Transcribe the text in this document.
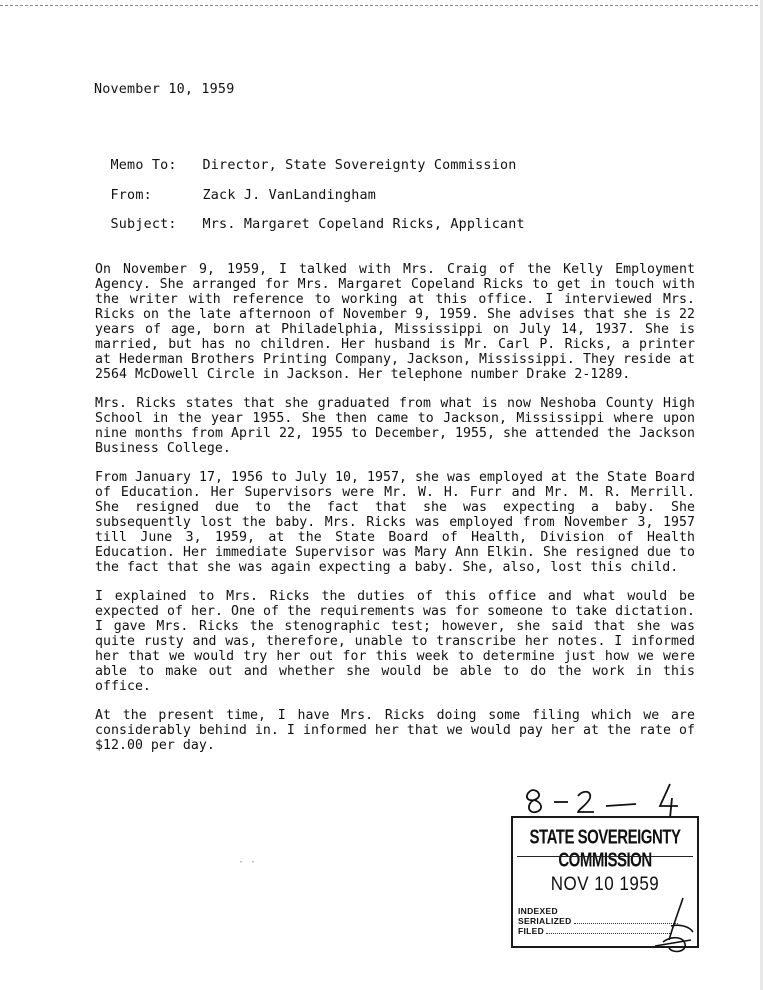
November 10, 1959

Memo To: Director, State Sovereignty Commission

From:	Zack J. VanLandingham

Subject: Mrs. Margaret Copeland Ricks, Applicant

On November 9, 1959, I talked with Mrs. Craig of the Kelly Employment Agency. She arranged for Mrs. Margaret Copeland Ricks to get in touch with the writer with reference to working at this office. I interviewed Mrs. Ricks on the late afternoon of November 9, 1959. She advises that she is 22 years of age, born at Philadelphia, Mississippi on July 14, 1937. She is married, but has no children. Her husband is Mr. Carl P. Ricks, a printer at Hederman Brothers Printing Company, Jackson, Mississippi. They reside at 2564 McDowell Circle in Jackson. Her telephone number Drake 2-1289.

Mrs. Ricks states that she graduated from what is now Neshoba County High School in the year 1955. She then came to Jackson, Mississippi where upon nine months from April 22, 1955 to December, 1955, she attended the Jackson Business College.

From January 17, 1956 to July 10, 1957, she was employed at the State Board of Education. Her Supervisors were Mr. W. H. Furr and Mr. M. R. Merrill. She resigned due to the fact that she was expecting a baby. She subsequently lost the baby. Mrs. Ricks was employed from November 3, 1957 till June 3, 1959, at the State Board of Health, Division of Health Education. Her immediate Supervisor was Mary Ann Elkin. She resigned due to the fact that she was again expecting a baby. She, also, lost this child.

I explained to Mrs. Ricks the duties of this office and what would be expected of her. One of the requirements was for someone to take dictation. I gave Mrs. Ricks the stenographic test; however, she said that she was quite rusty and was, therefore, unable to transcribe her notes. I informed her that we would try her out for this week to determine just how we were able to make out and whether she would be able to do the work in this office.

At the present time, I have Mrs. Ricks doing some filing which we are considerably behind in. I informed her that we would pay her at the rate of $12.00 per day.

STATE SOVEREIGNTY COMMISSION
NOV 10 1959
INDEXED
SERIALIZED
FILED
· ·
